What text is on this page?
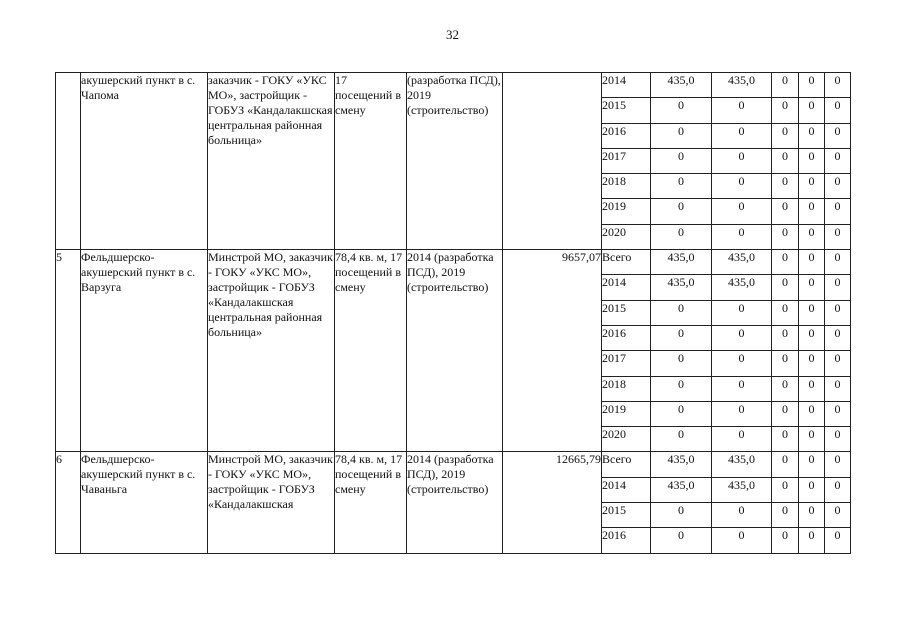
32
	акушерский пункт в с. Чапома	заказчик - ГОКУ «УКС МО», застройщик - ГОБУЗ «Кандалакшская центральная районная больница»	17 посещений в смену	(разработка ПСД), 2019 (строительство)		2014	435,0	435,0	0	0	0
						2015	0	0	0	0	0
						2016	0	0	0	0	0
						2017	0	0	0	0	0
						2018	0	0	0	0	0
						2019	0	0	0	0	0
						2020	0	0	0	0	0
5	Фельдшерско-акушерский пункт в с. Варзуга	Минстрой МО, заказчик - ГОКУ «УКС МО», застройщик - ГОБУЗ «Кандалакшская центральная районная больница»	78,4 кв. м, 17 посещений в смену	2014 (разработка ПСД), 2019 (строительство)	9657,07	Всего	435,0	435,0	0	0	0
						2014	435,0	435,0	0	0	0
						2015	0	0	0	0	0
						2016	0	0	0	0	0
						2017	0	0	0	0	0
						2018	0	0	0	0	0
						2019	0	0	0	0	0
						2020	0	0	0	0	0
6	Фельдшерско-акушерский пункт в с. Чаваньга	Минстрой МО, заказчик - ГОКУ «УКС МО», застройщик - ГОБУЗ «Кандалакшская	78,4 кв. м, 17 посещений в смену	2014 (разработка ПСД), 2019 (строительство)	12665,79	Всего	435,0	435,0	0	0	0
						2014	435,0	435,0	0	0	0
						2015	0	0	0	0	0
						2016	0	0	0	0	0
